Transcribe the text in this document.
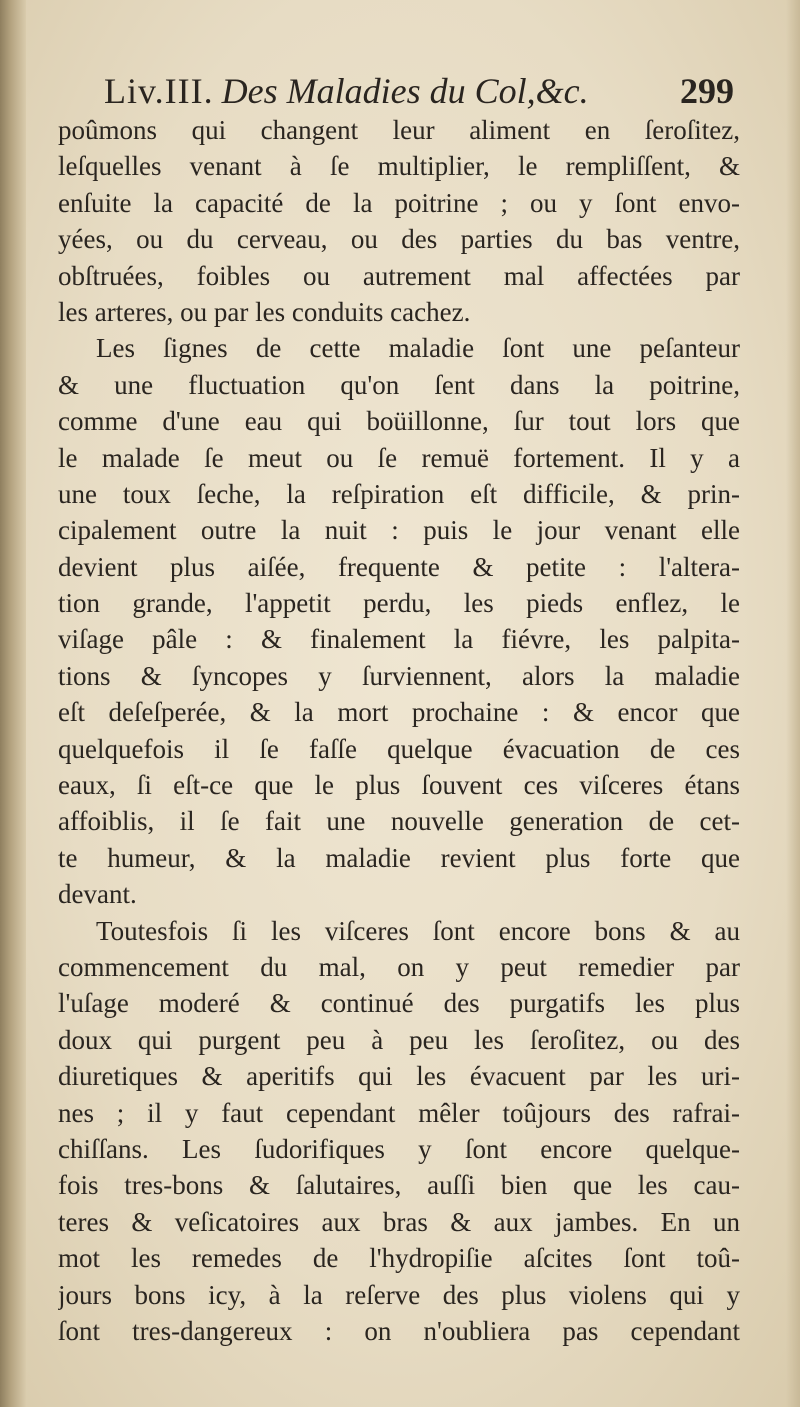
Liv.III. Des Maladies du Col,&c.	299
poûmons qui changent leur aliment en ſeroſitez,
leſquelles venant à ſe multiplier, le rempliſſent, &
enſuite la capacité de la poitrine ; ou y ſont envo-
yées, ou du cerveau, ou des parties du bas ventre,
obſtruées, foibles ou autrement mal affectées par
les arteres, ou par les conduits cachez.
Les ſignes de cette maladie ſont une peſanteur
& une fluctuation qu'on ſent dans la poitrine,
comme d'une eau qui boüillonne, ſur tout lors que
le malade ſe meut ou ſe remuë fortement. Il y a
une toux ſeche, la reſpiration eſt difficile, & prin-
cipalement outre la nuit : puis le jour venant elle
devient plus aiſée, frequente & petite : l'altera-
tion grande, l'appetit perdu, les pieds enflez, le
viſage pâle : & finalement la fiévre, les palpita-
tions & ſyncopes y ſurviennent, alors la maladie
eſt deſeſperée, & la mort prochaine : & encor que
quelquefois il ſe faſſe quelque évacuation de ces
eaux, ſi eſt-ce que le plus ſouvent ces viſceres étans
affoiblis, il ſe fait une nouvelle generation de cet-
te humeur, & la maladie revient plus forte que
devant.
Toutesfois ſi les viſceres ſont encore bons & au
commencement du mal, on y peut remedier par
l'uſage moderé & continué des purgatifs les plus
doux qui purgent peu à peu les ſeroſitez, ou des
diuretiques & aperitifs qui les évacuent par les uri-
nes ; il y faut cependant mêler toûjours des rafrai-
chiſſans. Les ſudorifiques y ſont encore quelque-
fois tres-bons & ſalutaires, auſſi bien que les cau-
teres & veſicatoires aux bras & aux jambes. En un
mot les remedes de l'hydropiſie aſcites ſont toû-
jours bons icy, à la reſerve des plus violens qui y
ſont tres-dangereux : on n'oubliera pas cependant
